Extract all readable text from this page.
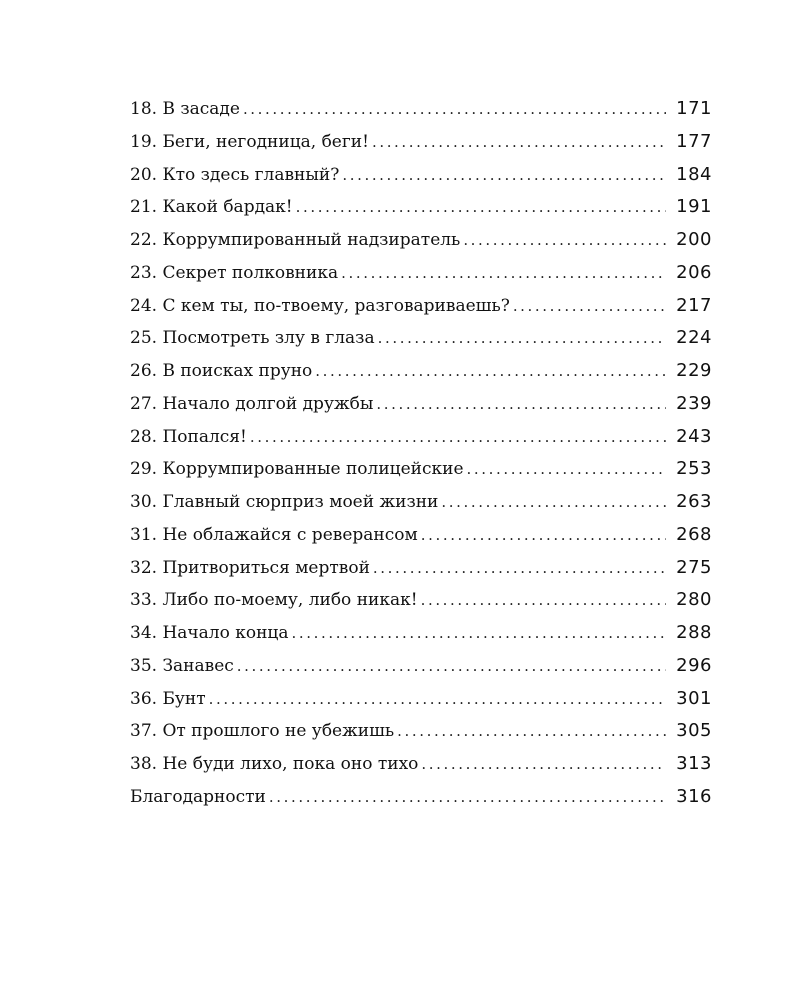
18. В засаде .....	171
19. Беги, негодница, беги! .....	177
20. Кто здесь главный? .....	184
21. Какой бардак! .....	191
22. Коррумпированный надзиратель .....	200
23. Секрет полковника .....	206
24. С кем ты, по-твоему, разговариваешь? .....	217
25. Посмотреть злу в глаза .....	224
26. В поисках пруно .....	229
27. Начало долгой дружбы .....	239
28. Попался! .....	243
29. Коррумпированные полицейские .....	253
30. Главный сюрприз моей жизни .....	263
31. Не облажайся с реверансом .....	268
32. Притвориться мертвой .....	275
33. Либо по-моему, либо никак! .....	280
34. Начало конца .....	288
35. Занавес .....	296
36. Бунт .....	301
37. От прошлого не убежишь .....	305
38. Не буди лихо, пока оно тихо .....	313
Благодарности .....	316
